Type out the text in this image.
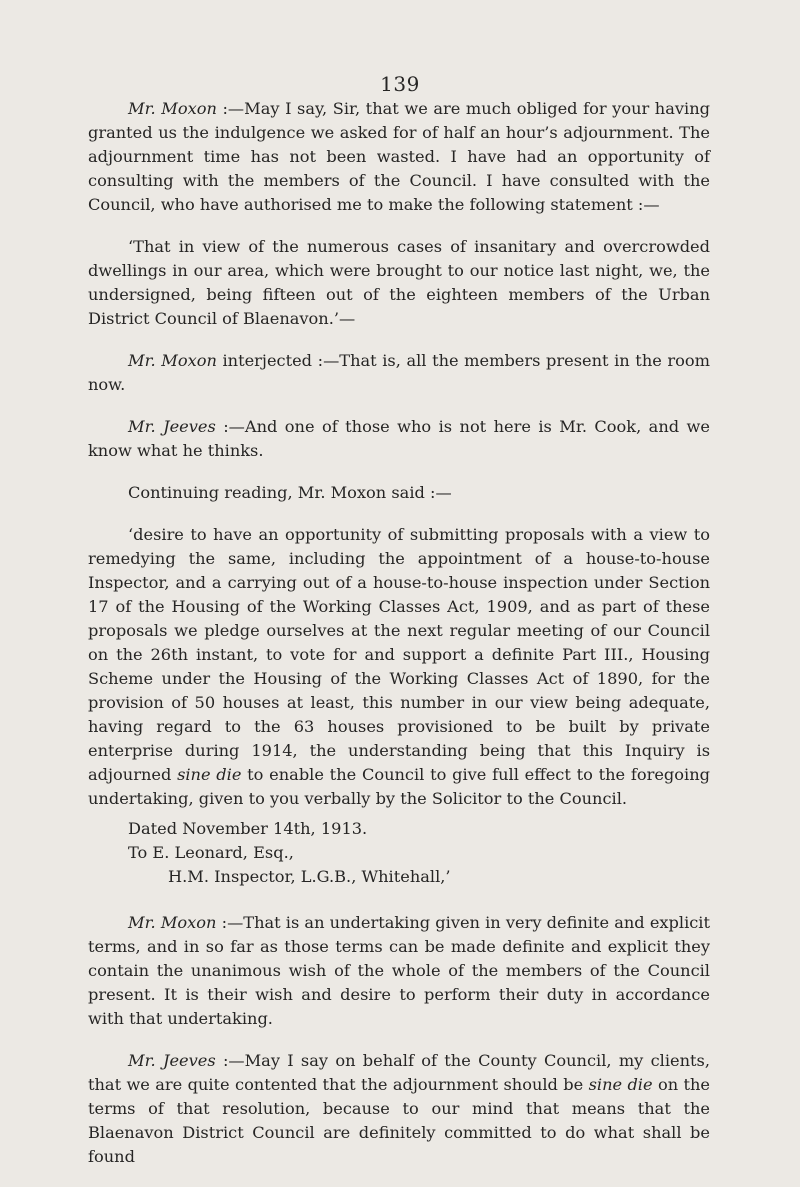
139

Mr. Moxon :—May I say, Sir, that we are much obliged for your having granted us the indulgence we asked for of half an hour’s adjournment. The adjournment time has not been wasted. I have had an opportunity of consulting with the members of the Council. I have consulted with the Council, who have authorised me to make the following statement :—

‘That in view of the numerous cases of insanitary and overcrowded dwellings in our area, which were brought to our notice last night, we, the undersigned, being fifteen out of the eighteen members of the Urban District Council of Blaenavon.’—

Mr. Moxon interjected :—That is, all the members present in the room now.

Mr. Jeeves :—And one of those who is not here is Mr. Cook, and we know what he thinks.

Continuing reading, Mr. Moxon said :—

‘desire to have an opportunity of submitting proposals with a view to remedying the same, including the appointment of a house-to-house Inspector, and a carrying out of a house-to-house inspection under Section 17 of the Housing of the Working Classes Act, 1909, and as part of these proposals we pledge ourselves at the next regular meeting of our Council on the 26th instant, to vote for and support a definite Part III., Housing Scheme under the Housing of the Working Classes Act of 1890, for the provision of 50 houses at least, this number in our view being adequate, having regard to the 63 houses provisioned to be built by private enterprise during 1914, the understanding being that this Inquiry is adjourned sine die to enable the Council to give full effect to the foregoing undertaking, given to you verbally by the Solicitor to the Council.

Dated November 14th, 1913.
To E. Leonard, Esq.,
H.M. Inspector, L.G.B., Whitehall,’

Mr. Moxon :—That is an undertaking given in very definite and explicit terms, and in so far as those terms can be made definite and explicit they contain the unanimous wish of the whole of the members of the Council present. It is their wish and desire to perform their duty in accordance with that undertaking.

Mr. Jeeves :—May I say on behalf of the County Council, my clients, that we are quite contented that the adjournment should be sine die on the terms of that resolution, because to our mind that means that the Blaenavon District Council are definitely committed to do what shall be found
